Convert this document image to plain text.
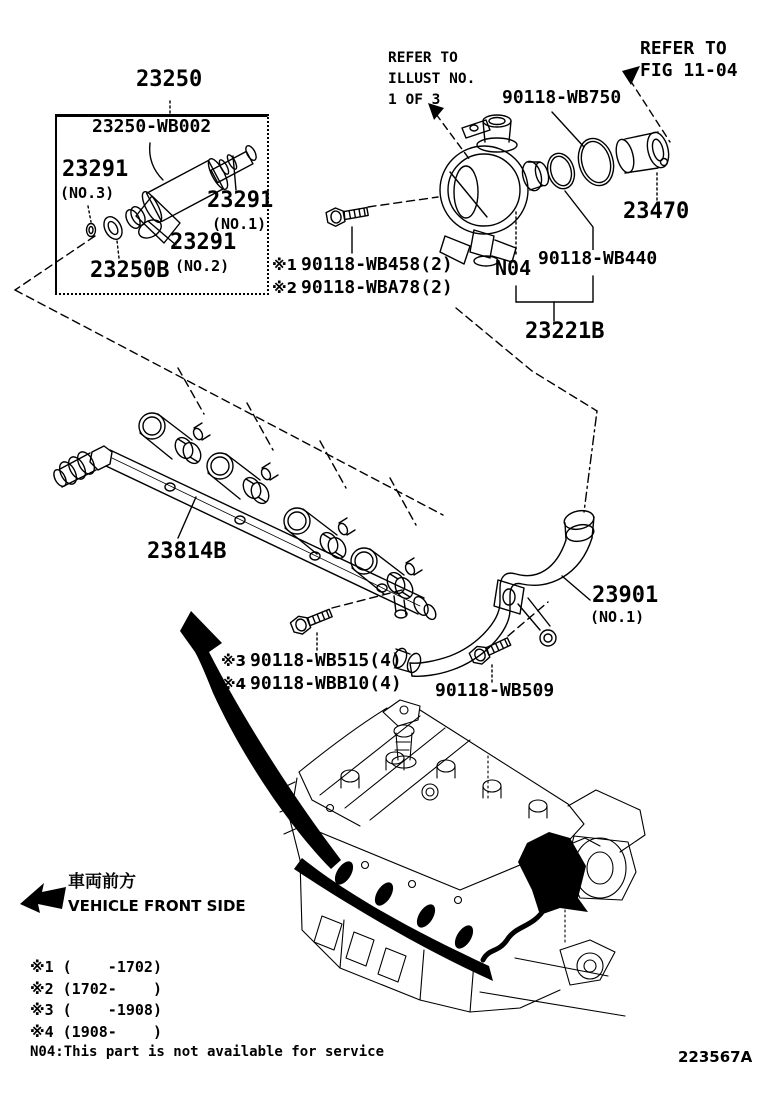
23250
23250-WB002
23291
(NO.3)	23291
(NO.1)
23291
(NO.2)
23250B
REFER TO
ILLUST NO.
1 OF 3
REFER TO
FIG 11-04
90118-WB750
23470
※1 90118-WB458(2)
※2 90118-WBA78(2)
N04 90118-WB440
23221B
23814B
23901
(NO.1)
※3 90118-WB515(4)
※4 90118-WBB10(4) 90118-WB509
車両前方
VEHICLE FRONT SIDE
※1 (    -1702)
※2 (1702-    )
※3 (    -1908)
※4 (1908-    )
N04:This part is not available for service	223567A
